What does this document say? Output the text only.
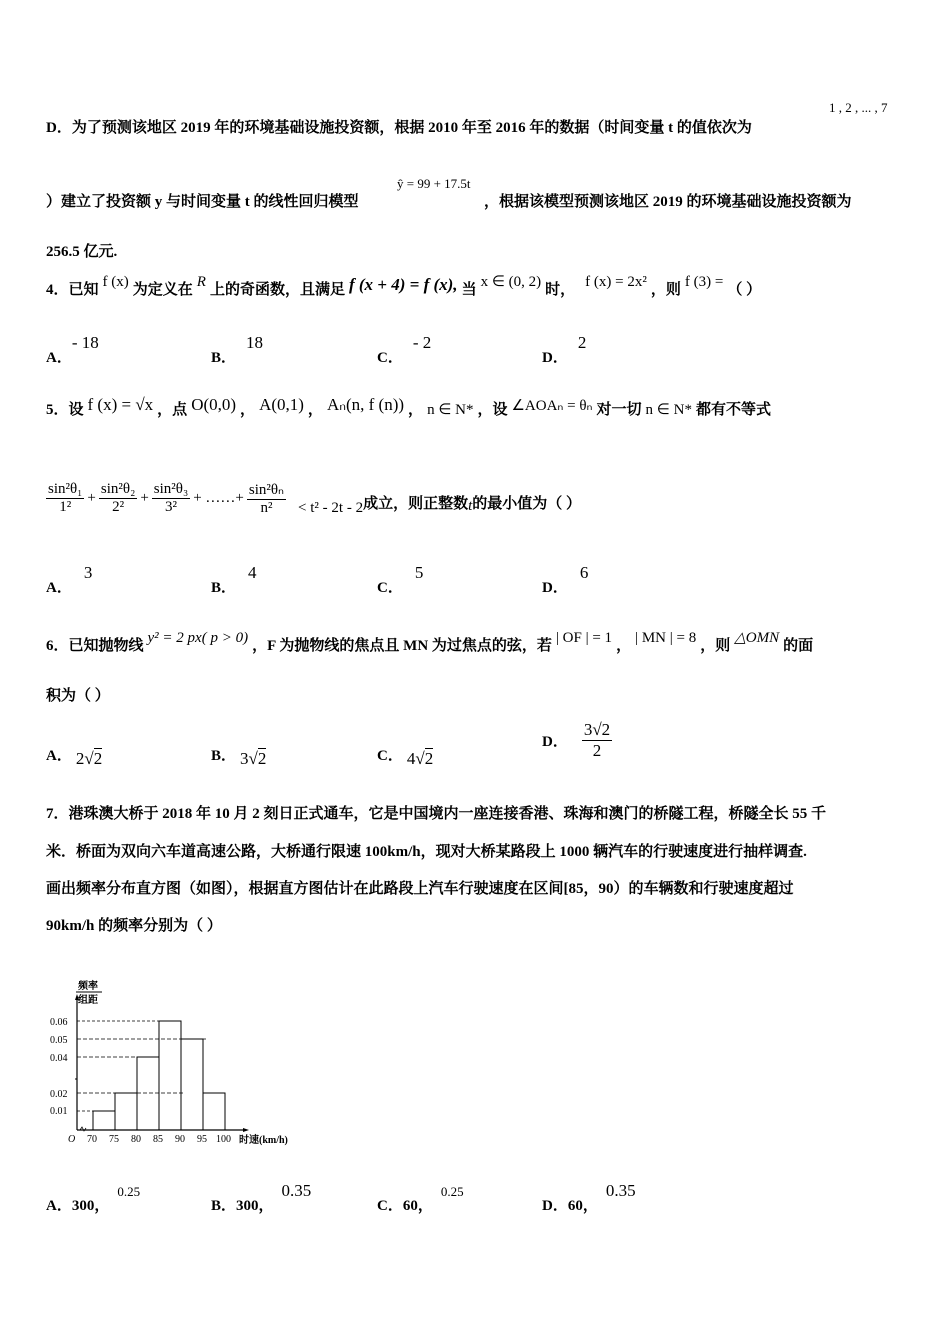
D．为了预测该地区 2019 年的环境基础设施投资额，根据 2010 年至 2016 年的数据（时间变量 t 的值依次为
1 , 2 , ... , 7
）建立了投资额 y 与时间变量 t 的线性回归模型
ŷ = 99 + 17.5t
，根据该模型预测该地区 2019 的环境基础设施投资额为
256.5 亿元.
4．已知 f (x) 为定义在 R 上的奇函数，且满足 f (x + 4) = f (x), 当 x ∈ (0, 2) 时， f (x) = 2x² ，则 f (3) = （ ）
A．- 18
B．18
C．- 2
D．2
5．设 f (x) = √x ，点 O(0,0) ， A(0,1) ， Aₙ(n, f (n)) ， n ∈ N* ，设 ∠AOAₙ = θₙ 对一切 n ∈ N* 都有不等式
$\frac{\text{sin²θ₁}}{\text{1²}} + \frac{\text{sin²θ₂}}{\text{2²}} + \frac{\text{sin²θ₃}}{\text{3²}}$ + ……+ $\frac{\text{sin²θₙ}}{\text{n²}} < t^2 - 2t - 2$ 成立，则正整数 t 的最小值为（ ）
A．3
B．4
C．5
D．6
6．已知抛物线 y² = 2 px( p > 0) ，F 为抛物线的焦点且 MN 为过焦点的弦，若 | OF | = 1 ， | MN | = 8 ，则 △OMN 的面
积为（ ）
A． 2√2	B． 3√2	C． 4√2
D． $\frac{3√2}{2}$
7．港珠澳大桥于 2018 年 10 月 2 刻日正式通车，它是中国境内一座连接香港、珠海和澳门的桥隧工程，桥隧全长 55 千
米．桥面为双向六车道高速公路，大桥通行限速 100km/h，现对大桥某路段上 1000 辆汽车的行驶速度进行抽样调查.
画出频率分布直方图（如图），根据直方图估计在此路段上汽车行驶速度在区间[85，90）的车辆数和行驶速度超过
90km/h 的频率分别为（ ）
频率
组距
0.06
0.05
0.04
0.02
0.01
O 70 75 80 85 90 95 100 时速(km/h)
A．300，0.25
B．300，0.35
C．60，0.25
D．60，0.35
